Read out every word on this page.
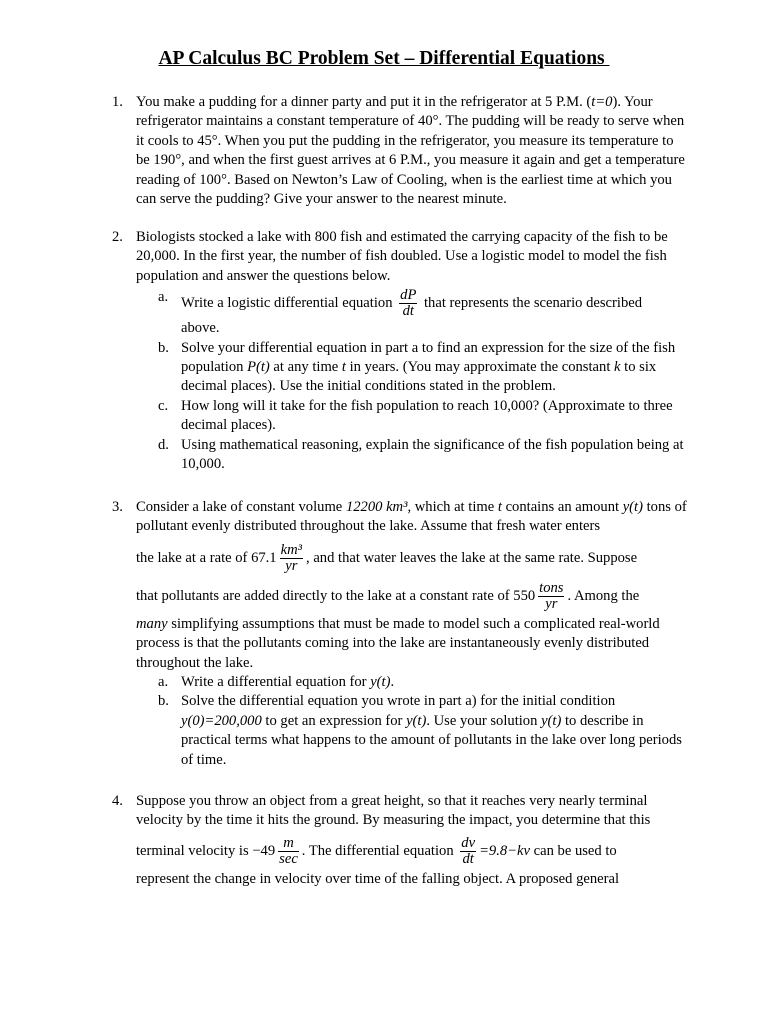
AP Calculus BC Problem Set – Differential Equations
1. You make a pudding for a dinner party and put it in the refrigerator at 5 P.M. (t=0). Your refrigerator maintains a constant temperature of 40°. The pudding will be ready to serve when it cools to 45°. When you put the pudding in the refrigerator, you measure its temperature to be 190°, and when the first guest arrives at 6 P.M., you measure it again and get a temperature reading of 100°. Based on Newton’s Law of Cooling, when is the earliest time at which you can serve the pudding? Give your answer to the nearest minute.
2. Biologists stocked a lake with 800 fish and estimated the carrying capacity of the fish to be 20,000. In the first year, the number of fish doubled. Use a logistic model to model the fish population and answer the questions below.
a. Write a logistic differential equation $\frac{dP}{dt}$ that represents the scenario described
above.
b. Solve your differential equation in part a to find an expression for the size of the fish population P(t) at any time t in years. (You may approximate the constant k to six decimal places). Use the initial conditions stated in the problem.
c. How long will it take for the fish population to reach 10,000? (Approximate to three decimal places).
d. Using mathematical reasoning, explain the significance of the fish population being at 10,000.
3. Consider a lake of constant volume 12200 km³, which at time t contains an amount y(t) tons of pollutant evenly distributed throughout the lake. Assume that fresh water enters
the lake at a rate of $67.1 \frac{\text{km³}}{yr}$ , and that water leaves the lake at the same rate. Suppose
that pollutants are added directly to the lake at a constant rate of $550 \frac{\text{tons}}{yr}$ . Among the
many simplifying assumptions that must be made to model such a complicated real-world process is that the pollutants coming into the lake are instantaneously evenly distributed throughout the lake.
a. Write a differential equation for y(t).
b. Solve the differential equation you wrote in part a) for the initial condition y(0)=200,000 to get an expression for y(t). Use your solution y(t) to describe in practical terms what happens to the amount of pollutants in the lake over long periods of time.
4. Suppose you throw an object from a great height, so that it reaches very nearly terminal velocity by the time it hits the ground. By measuring the impact, you determine that this
terminal velocity is $-49 \frac{m}{\sec}$ . The differential equation $\frac{dv}{dt} =9.8-kv$ can be used to
represent the change in velocity over time of the falling object. A proposed general
